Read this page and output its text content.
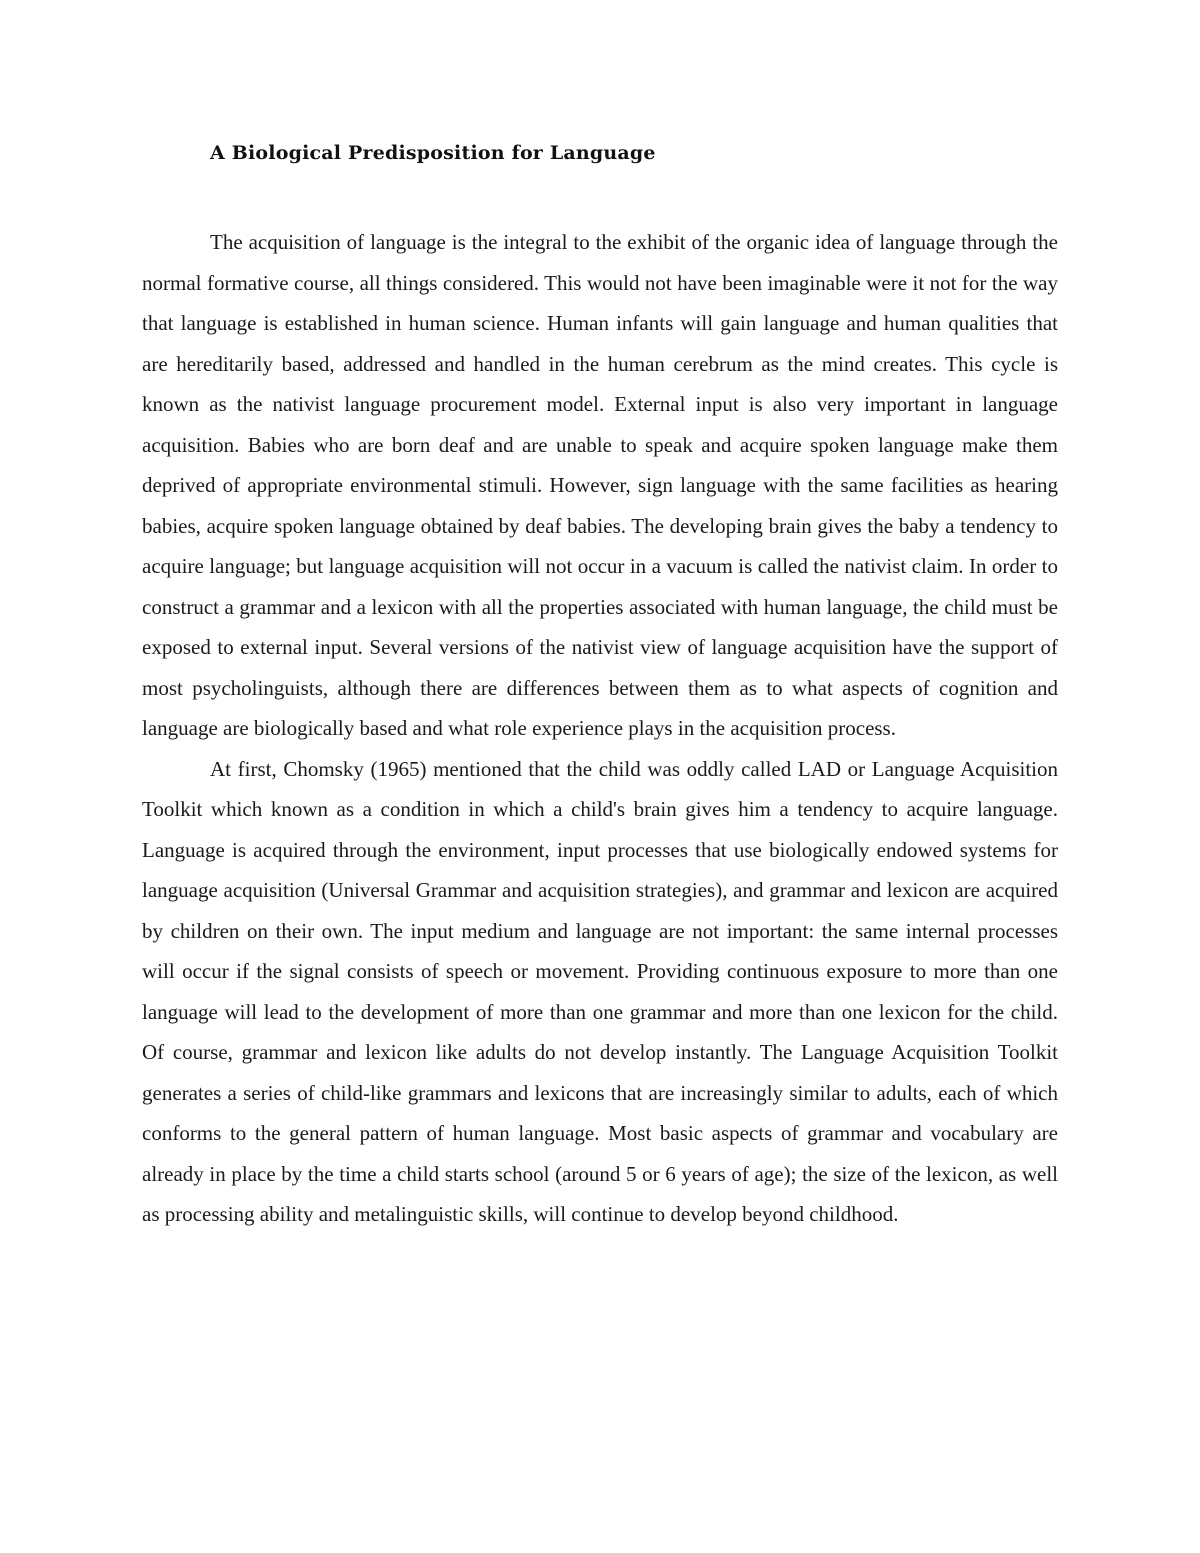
A Biological Predisposition for Language

The acquisition of language is the integral to the exhibit of the organic idea of language through the normal formative course, all things considered. This would not have been imaginable were it not for the way that language is established in human science. Human infants will gain language and human qualities that are hereditarily based, addressed and handled in the human cerebrum as the mind creates. This cycle is known as the nativist language procurement model. External input is also very important in language acquisition. Babies who are born deaf and are unable to speak and acquire spoken language make them deprived of appropriate environmental stimuli. However, sign language with the same facilities as hearing babies, acquire spoken language obtained by deaf babies. The developing brain gives the baby a tendency to acquire language; but language acquisition will not occur in a vacuum is called the nativist claim. In order to construct a grammar and a lexicon with all the properties associated with human language, the child must be exposed to external input. Several versions of the nativist view of language acquisition have the support of most psycholinguists, although there are differences between them as to what aspects of cognition and language are biologically based and what role experience plays in the acquisition process.

At first, Chomsky (1965) mentioned that the child was oddly called LAD or Language Acquisition Toolkit which known as a condition in which a child's brain gives him a tendency to acquire language. Language is acquired through the environment, input processes that use biologically endowed systems for language acquisition (Universal Grammar and acquisition strategies), and grammar and lexicon are acquired by children on their own. The input medium and language are not important: the same internal processes will occur if the signal consists of speech or movement. Providing continuous exposure to more than one language will lead to the development of more than one grammar and more than one lexicon for the child. Of course, grammar and lexicon like adults do not develop instantly. The Language Acquisition Toolkit generates a series of child-like grammars and lexicons that are increasingly similar to adults, each of which conforms to the general pattern of human language. Most basic aspects of grammar and vocabulary are already in place by the time a child starts school (around 5 or 6 years of age); the size of the lexicon, as well as processing ability and metalinguistic skills, will continue to develop beyond childhood.
